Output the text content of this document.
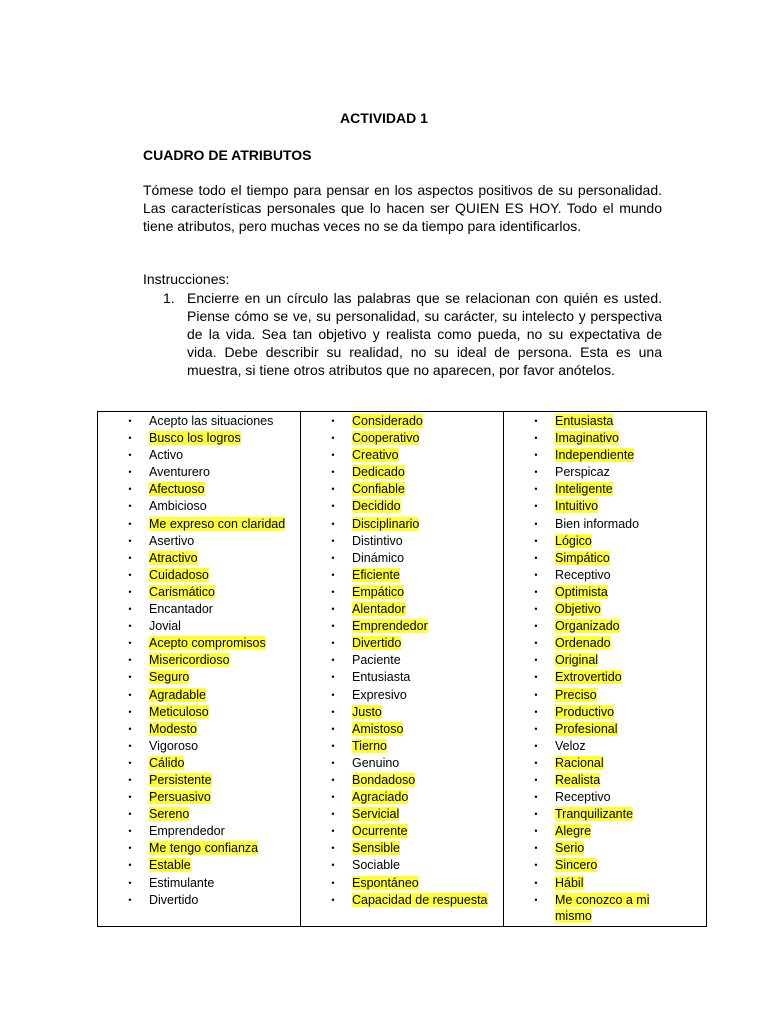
ACTIVIDAD 1
CUADRO DE ATRIBUTOS

Tómese todo el tiempo para pensar en los aspectos positivos de su personalidad. Las características personales que lo hacen ser QUIEN ES HOY. Todo el mundo tiene atributos, pero muchas veces no se da tiempo para identificarlos.

Instrucciones:
1. Encierre en un círculo las palabras que se relacionan con quién es usted. Piense cómo se ve, su personalidad, su carácter, su intelecto y perspectiva de la vida. Sea tan objetivo y realista como pueda, no su expectativa de vida. Debe describir su realidad, no su ideal de persona. Esta es una muestra, si tiene otros atributos que no aparecen, por favor anótelos.
• Acepto las situaciones
• Busco los logros
• Activo
• Aventurero
• Afectuoso
• Ambicioso
• Me expreso con claridad
• Asertivo
• Atractivo
• Cuidadoso
• Carismático
• Encantador
• Jovial
• Acepto compromisos
• Misericordioso
• Seguro
• Agradable
• Meticuloso
• Modesto
• Vigoroso
• Cálido
• Persistente
• Persuasivo
• Sereno
• Emprendedor
• Me tengo confianza
• Estable
• Estimulante
• Divertido

• Considerado
• Cooperativo
• Creativo
• Dedicado
• Confiable
• Decidido
• Disciplinario
• Distintivo
• Dinámico
• Eficiente
• Empático
• Alentador
• Emprendedor
• Divertido
• Paciente
• Entusiasta
• Expresivo
• Justo
• Amistoso
• Tierno
• Genuino
• Bondadoso
• Agraciado
• Servicial
• Ocurrente
• Sensible
• Sociable
• Espontáneo
• Capacidad de respuesta

• Entusiasta
• Imaginativo
• Independiente
• Perspicaz
• Inteligente
• Intuitivo
• Bien informado
• Lógico
• Simpático
• Receptivo
• Optimista
• Objetivo
• Organizado
• Ordenado
• Original
• Extrovertido
• Preciso
• Productivo
• Profesional
• Veloz
• Racional
• Realista
• Receptivo
• Tranquilizante
• Alegre
• Serio
• Sincero
• Hábil
• Me conozco a mi mismo
